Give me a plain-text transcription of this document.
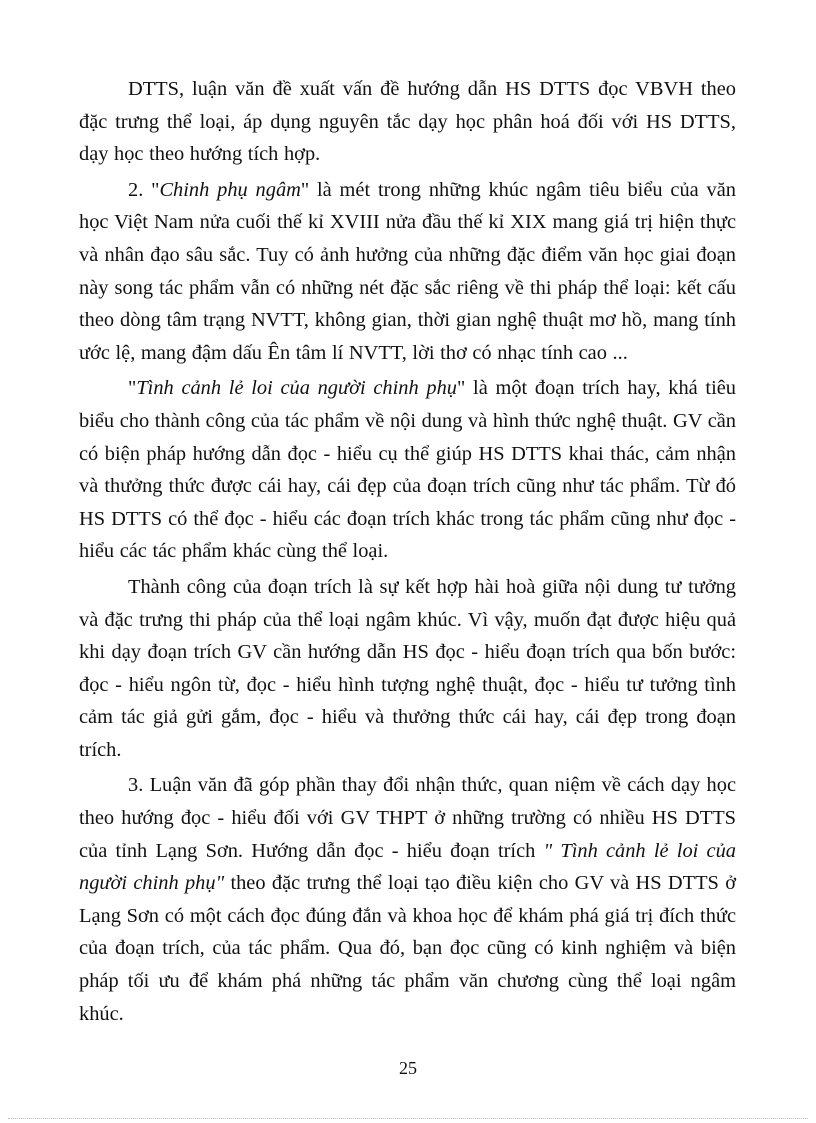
DTTS, luận văn đề xuất vấn đề hướng dẫn HS DTTS đọc VBVH theo đặc trưng thể loại, áp dụng nguyên tắc dạy học phân hoá đối với HS DTTS, dạy học theo hướng tích hợp.

2. "Chinh phụ ngâm" là mét trong những khúc ngâm tiêu biểu của văn học Việt Nam nửa cuối thế kỉ XVIII nửa đầu thế kỉ XIX mang giá trị hiện thực và nhân đạo sâu sắc. Tuy có ảnh hưởng của những đặc điểm văn học giai đoạn này song tác phẩm vẫn có những nét đặc sắc riêng về thi pháp thể loại: kết cấu theo dòng tâm trạng NVTT, không gian, thời gian nghệ thuật mơ hồ, mang tính ước lệ, mang đậm dấu Ên tâm lí NVTT, lời thơ có nhạc tính cao ...

"Tình cảnh lẻ loi của người chinh phụ" là một đoạn trích hay, khá tiêu biểu cho thành công của tác phẩm về nội dung và hình thức nghệ thuật. GV cần có biện pháp hướng dẫn đọc - hiểu cụ thể giúp HS DTTS khai thác, cảm nhận và thưởng thức được cái hay, cái đẹp của đoạn trích cũng như tác phẩm. Từ đó HS DTTS có thể đọc - hiểu các đoạn trích khác trong tác phẩm cũng như đọc - hiểu các tác phẩm khác cùng thể loại.

Thành công của đoạn trích là sự kết hợp hài hoà giữa nội dung tư tưởng và đặc trưng thi pháp của thể loại ngâm khúc. Vì vậy, muốn đạt được hiệu quả khi dạy đoạn trích GV cần hướng dẫn HS đọc - hiểu đoạn trích qua bốn bước: đọc - hiểu ngôn từ, đọc - hiểu hình tượng nghệ thuật, đọc - hiểu tư tưởng tình cảm tác giả gửi gắm, đọc - hiểu và thưởng thức cái hay, cái đẹp trong đoạn trích.

3. Luận văn đã góp phần thay đổi nhận thức, quan niệm về cách dạy học theo hướng đọc - hiểu đối với GV THPT ở những trường có nhiều HS DTTS của tỉnh Lạng Sơn. Hướng dẫn đọc - hiểu đoạn trích " Tình cảnh lẻ loi của người chinh phụ" theo đặc trưng thể loại tạo điều kiện cho GV và HS DTTS ở Lạng Sơn có một cách đọc đúng đắn và khoa học để khám phá giá trị đích thức của đoạn trích, của tác phẩm. Qua đó, bạn đọc cũng có kinh nghiệm và biện pháp tối ưu để khám phá những tác phẩm văn chương cùng thể loại ngâm khúc.

25
